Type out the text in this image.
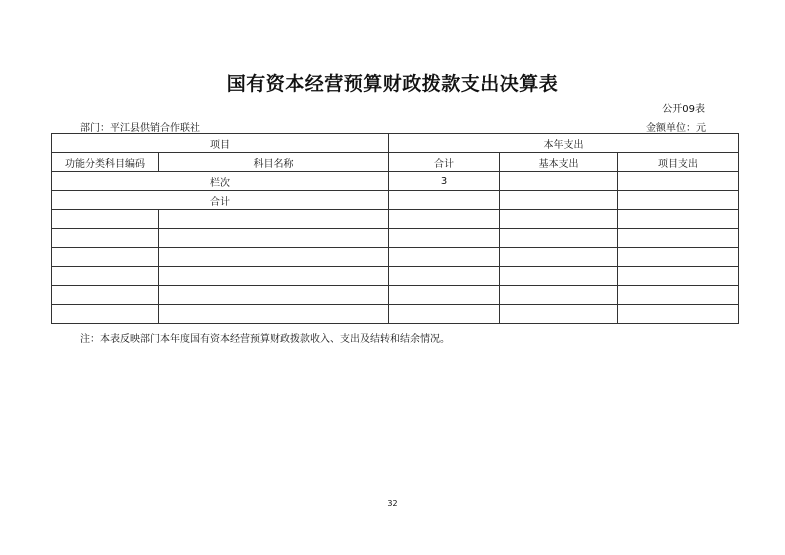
国有资本经营预算财政拨款支出决算表
公开09表
部门：平江县供销合作联社	金额单位：元
项目		本年支出		
功能分类科目编码	科目名称	合计	基本支出	项目支出
栏次		3		
合计				

注：本表反映部门本年度国有资本经营预算财政拨款收入、支出及结转和结余情况。
32
